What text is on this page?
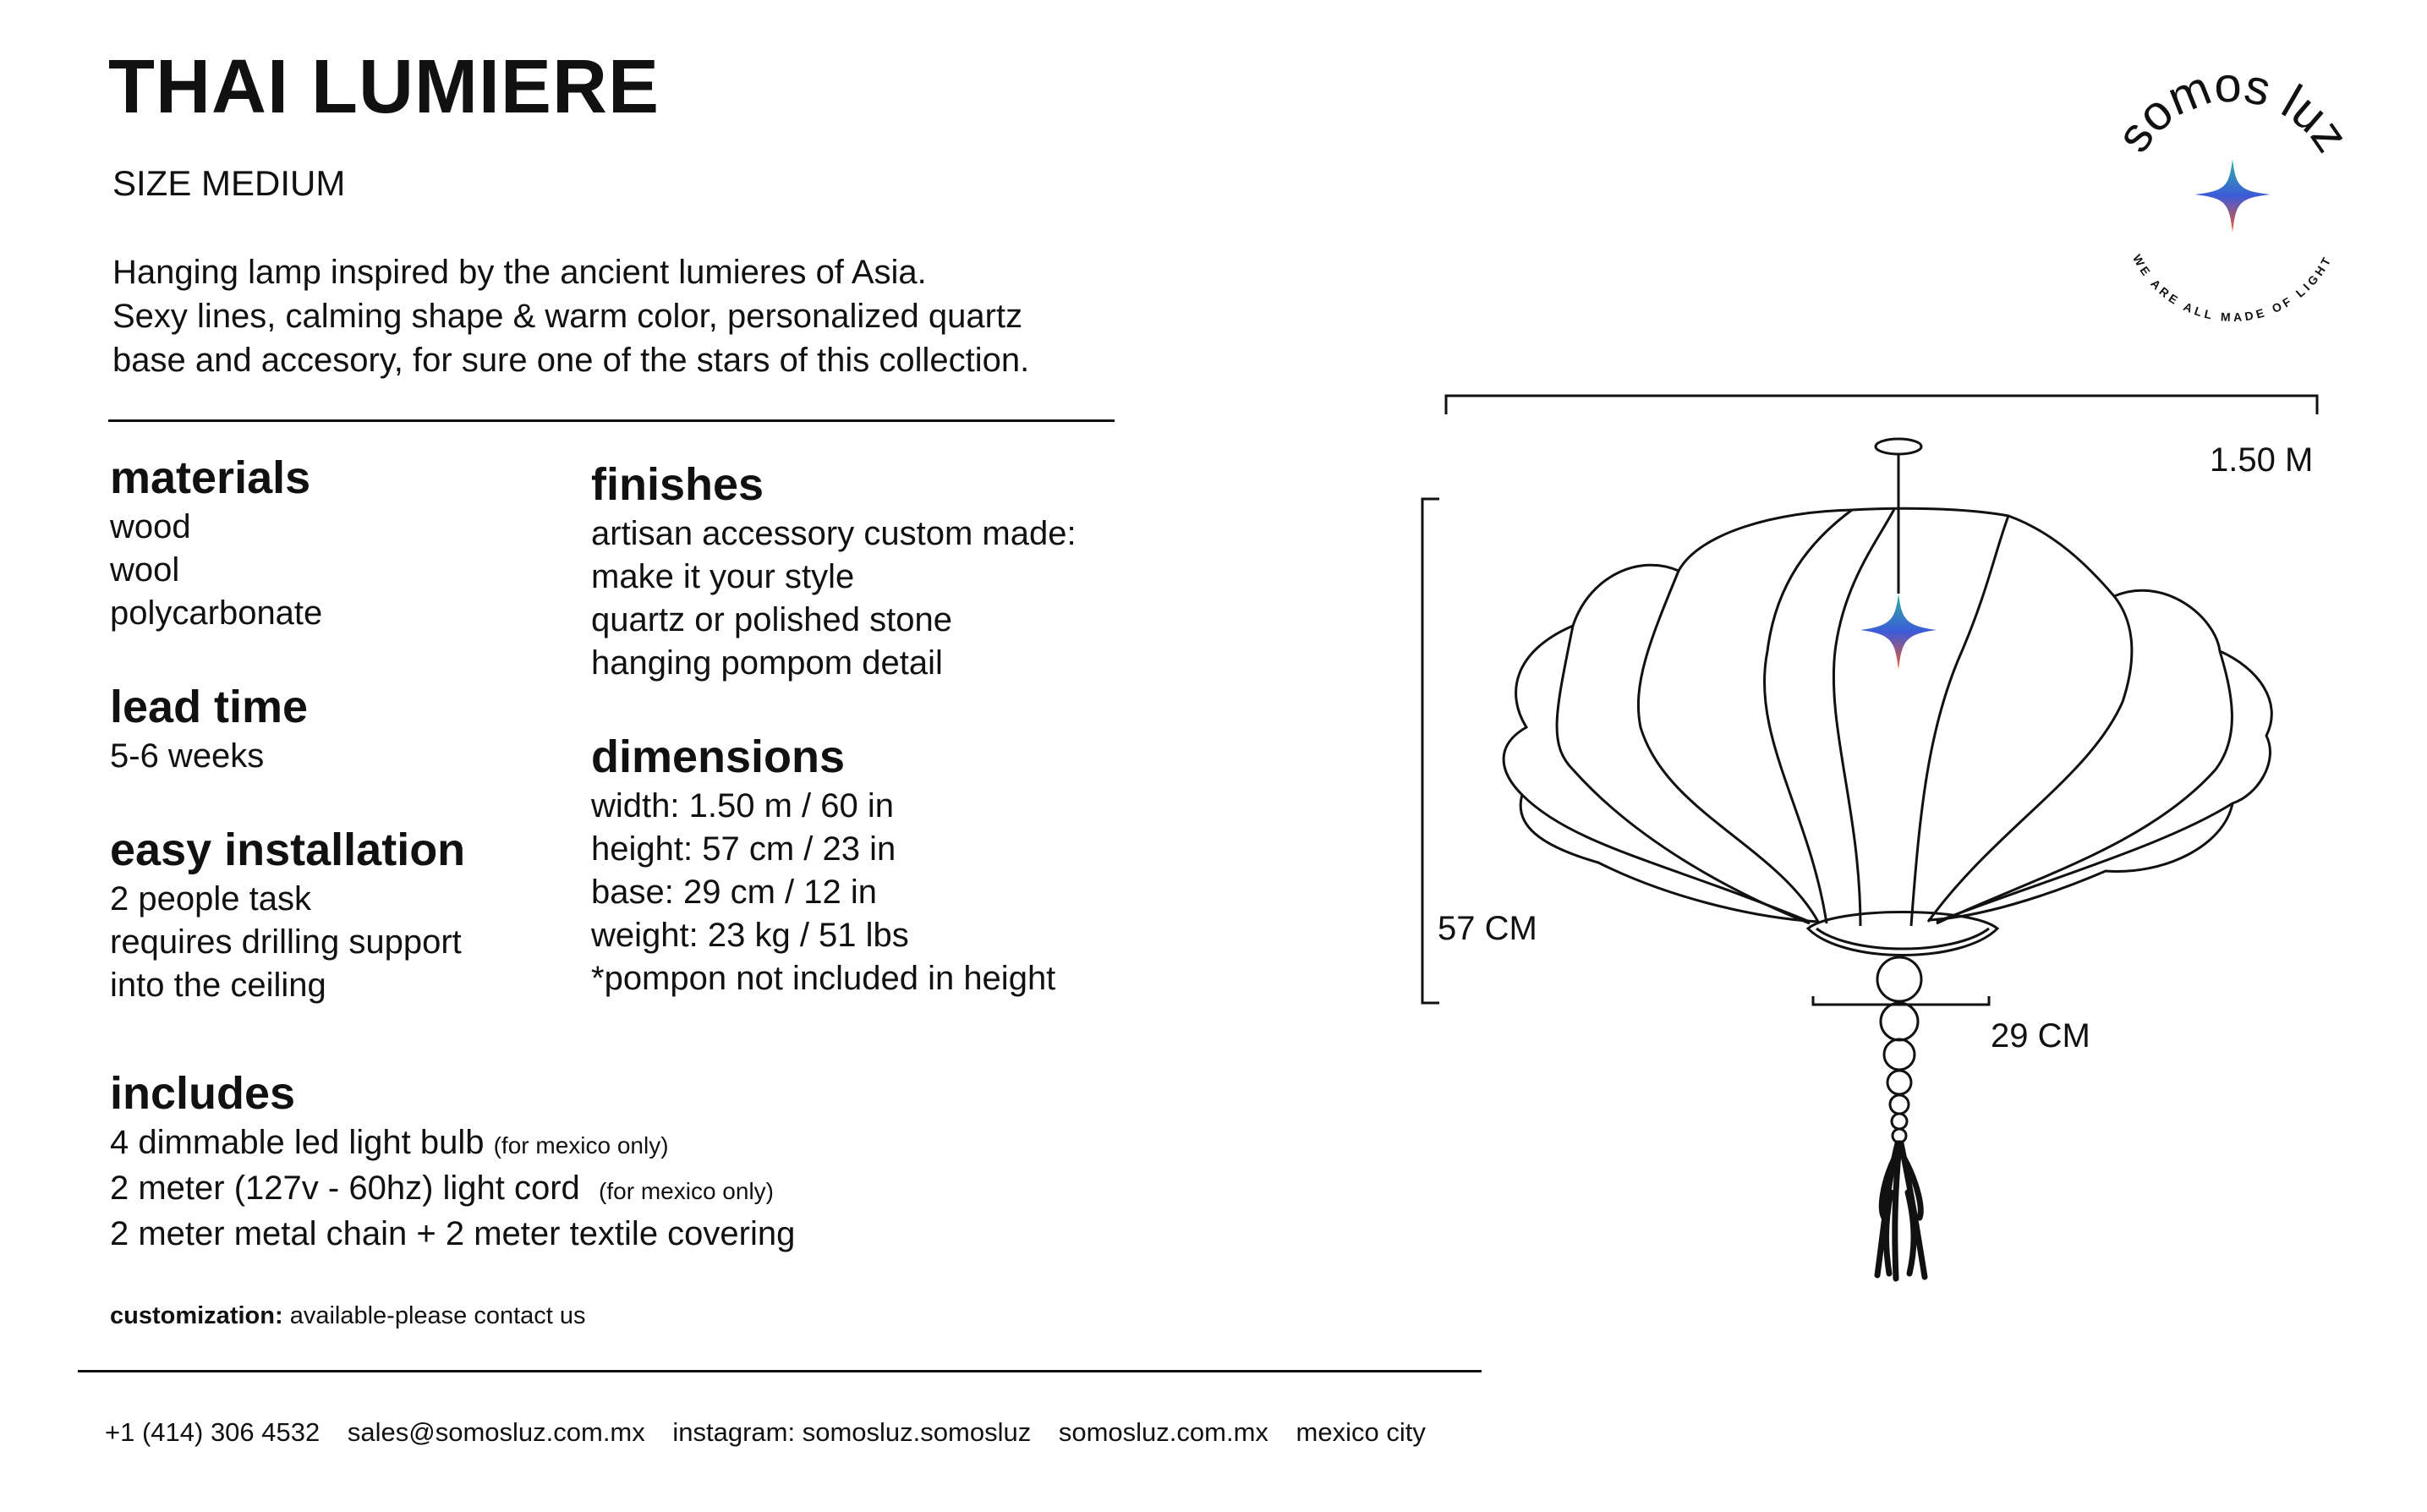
THAI LUMIERE
SIZE MEDIUM
Hanging lamp inspired by the ancient lumieres of Asia.
Sexy lines, calming shape & warm color, personalized quartz
base and accesory, for sure one of the stars of this collection.
materials
wood
wool
polycarbonate
lead time
5-6 weeks
easy installation
2 people task
requires drilling support
into the ceiling
finishes
artisan accessory custom made:
make it your style
quartz or polished stone
hanging pompom detail
dimensions
width: 1.50 m / 60 in
height: 57 cm / 23 in
base: 29 cm / 12 in
weight: 23 kg / 51 lbs
*pompon not included in height
includes
4 dimmable led light bulb (for mexico only)
2 meter (127v - 60hz) light cord (for mexico only)
2 meter metal chain + 2 meter textile covering
customization: available-please contact us
+1 (414) 306 4532 sales@somosluz.com.mx instagram: somosluz.somosluz somosluz.com.mx mexico city
somos luz
WE ARE ALL MADE OF LIGHT
1.50 M
57 CM
29 CM
